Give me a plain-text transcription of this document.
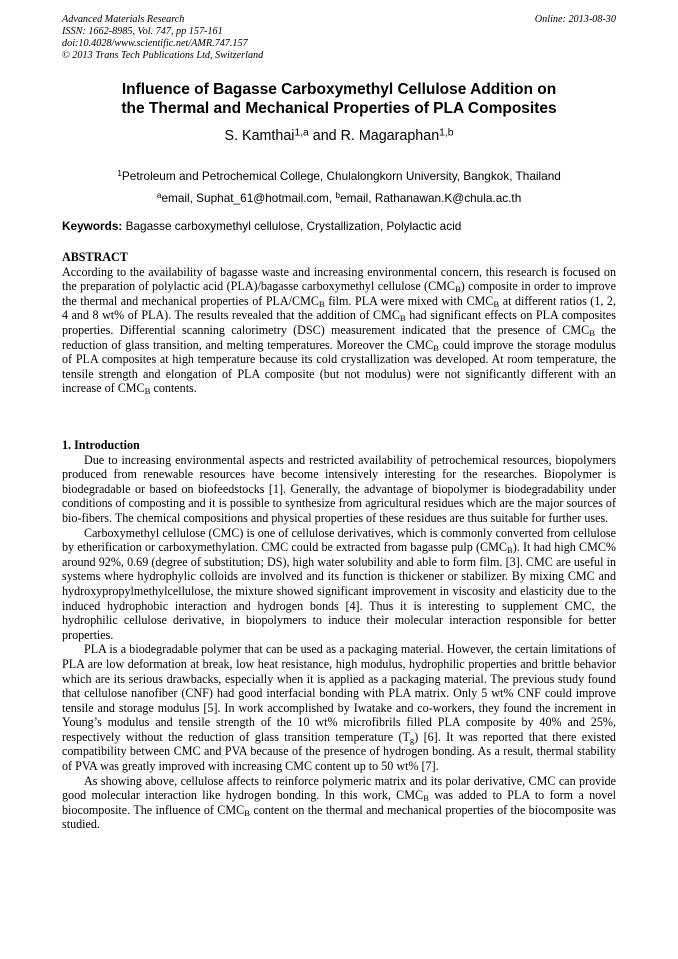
Advanced Materials Research
ISSN: 1662-8985, Vol. 747, pp 157-161
doi:10.4028/www.scientific.net/AMR.747.157
© 2013 Trans Tech Publications Ltd, Switzerland
Online: 2013-08-30
Influence of Bagasse Carboxymethyl Cellulose Addition on
the Thermal and Mechanical Properties of PLA Composites
S. Kamthai$^{1,a}$ and R. Magaraphan$^{1,b}$
$^1$Petroleum and Petrochemical College, Chulalongkorn University, Bangkok, Thailand
$^a$email, Suphat_61@hotmail.com, $^b$email, Rathanawan.K@chula.ac.th
Keywords: Bagasse carboxymethyl cellulose, Crystallization, Polylactic acid

ABSTRACT

According to the availability of bagasse waste and increasing environmental concern, this research is focused on the preparation of polylactic acid (PLA)/bagasse carboxymethyl cellulose $(CMC_B)$ composite in order to improve the thermal and mechanical properties of PLA/$CMC_B$ film. PLA were mixed with $CMC_B$ at different ratios (1, 2, 4 and 8 wt% of PLA). The results revealed that the addition of $CMC_B$ had significant effects on PLA composites properties. Differential scanning calorimetry (DSC) measurement indicated that the presence of $CMC_B$ the reduction of glass transition, and melting temperatures. Moreover the $CMC_B$ could improve the storage modulus of PLA composites at high temperature because its cold crystallization was developed. At room temperature, the tensile strength and elongation of PLA composite (but not modulus) were not significantly different with an increase of $CMC_B$ contents.

1. Introduction

Due to increasing environmental aspects and restricted availability of petrochemical resources, biopolymers produced from renewable resources have become intensively interesting for the researches. Biopolymer is biodegradable or based on biofeedstocks [1]. Generally, the advantage of biopolymer is biodegradability under conditions of composting and it is possible to synthesize from agricultural residues which are the major sources of bio-fibers. The chemical compositions and physical properties of these residues are thus suitable for further uses.

Carboxymethyl cellulose (CMC) is one of cellulose derivatives, which is commonly converted from cellulose by etherification or carboxymethylation. CMC could be extracted from bagasse pulp $(CMC_B)$. It had high CMC% around 92%, 0.69 (degree of substitution; DS), high water solubility and able to form film. [3]. CMC are useful in systems where hydrophylic colloids are involved and its function is thickener or stabilizer. By mixing CMC and hydroxypropylmethylcellulose, the mixture showed significant improvement in viscosity and elasticity due to the induced hydrophobic interaction and hydrogen bonds [4]. Thus it is interesting to supplement CMC, the hydrophilic cellulose derivative, in biopolymers to induce their molecular interaction responsible for better properties.

PLA is a biodegradable polymer that can be used as a packaging material. However, the certain limitations of PLA are low deformation at break, low heat resistance, high modulus, hydrophilic properties and brittle behavior which are its serious drawbacks, especially when it is applied as a packaging material. The previous study found that cellulose nanofiber (CNF) had good interfacial bonding with PLA matrix. Only 5 wt% CNF could improve tensile and storage modulus [5]. In work accomplished by Iwatake and co-workers, they found the increment in Young’s modulus and tensile strength of the 10 wt% microfibrils filled PLA composite by 40% and 25%, respectively without the reduction of glass transition temperature $(T_g)$ [6]. It was reported that there existed compatibility between CMC and PVA because of the presence of hydrogen bonding. As a result, thermal stability of PVA was greatly improved with increasing CMC content up to 50 wt% [7].

As showing above, cellulose affects to reinforce polymeric matrix and its polar derivative, CMC can provide good molecular interaction like hydrogen bonding. In this work, $CMC_B$ was added to PLA to form a novel biocomposite. The influence of $CMC_B$ content on the thermal and mechanical properties of the biocomposite was studied.
